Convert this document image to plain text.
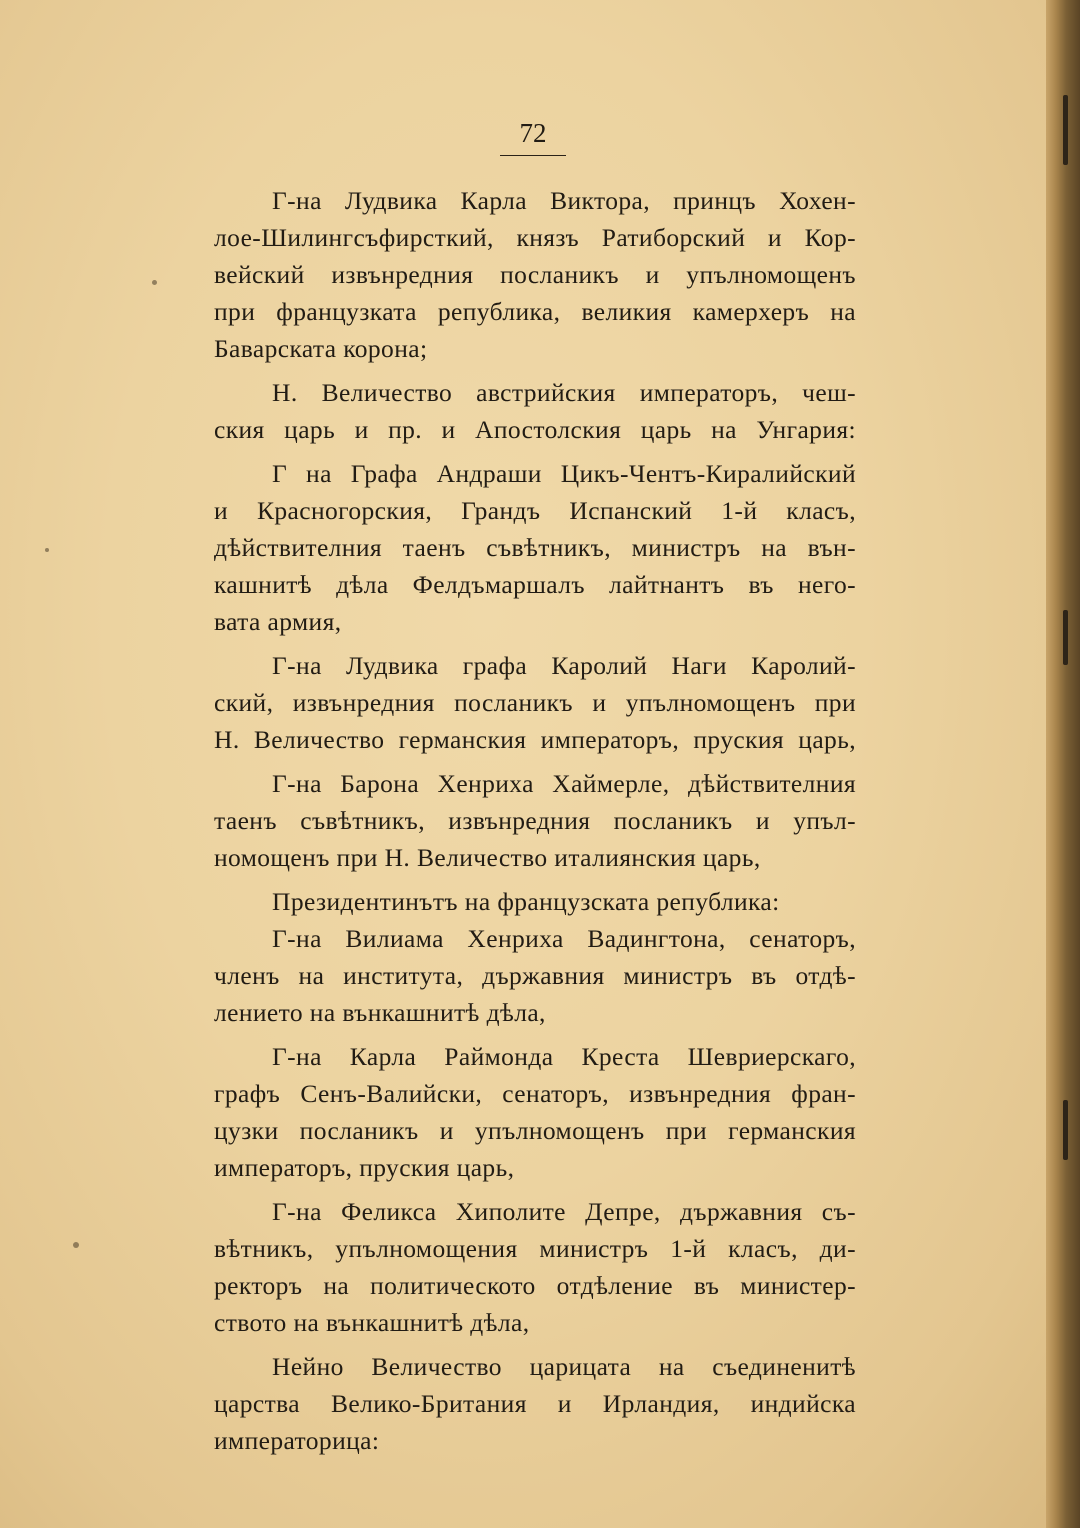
72
Г-на Лудвика Карла Виктора, принцъ Хохен-
лое-Шилингсъфирсткий, князъ Ратиборский и Кор-
вейский извънредния посланикъ и упълномощенъ
при французката република, великия камерхеръ на
Баварската корона;
Н. Величество австрийския императоръ, чеш-
ския царь и пр. и Апостолския царь на Унгария:
Г на Графа Андраши Цикъ-Чентъ-Киралийский
и Красногорския, Грандъ Испанский 1-й класъ,
дѣйствителния таенъ съвѣтникъ, министръ на вън-
кашнитѣ дѣла Фелдъмаршалъ лайтнантъ въ него-
вата армия,
Г-на Лудвика графа Каролий Наги Каролий-
ский, извънредния посланикъ и упълномощенъ при
Н. Величество германския императоръ, пруския царь,
Г-на Барона Хенриха Хаймерле, дѣйствителния
таенъ съвѣтникъ, извънредния посланикъ и упъл-
номощенъ при Н. Величество италиянския царь,
Президентинътъ на французската република:
Г-на Вилиама Хенриха Вадингтона, сенаторъ,
членъ на института, държавния министръ въ отдѣ-
лението на вънкашнитѣ дѣла,
Г-на Карла Раймонда Креста Шевриерскаго,
графъ Сенъ-Валийски, сенаторъ, извънредния фран-
цузки посланикъ и упълномощенъ при германския
императоръ, пруския царь,
Г-на Феликса Хиполите Депре, държавния съ-
вѣтникъ, упълномощения министръ 1-й класъ, ди-
ректоръ на политическото отдѣление въ министер-
ството на вънкашнитѣ дѣла,
Нейно Величество царицата на съединенитѣ
царства Велико-Британия и Ирландия, индийска
императорица:
